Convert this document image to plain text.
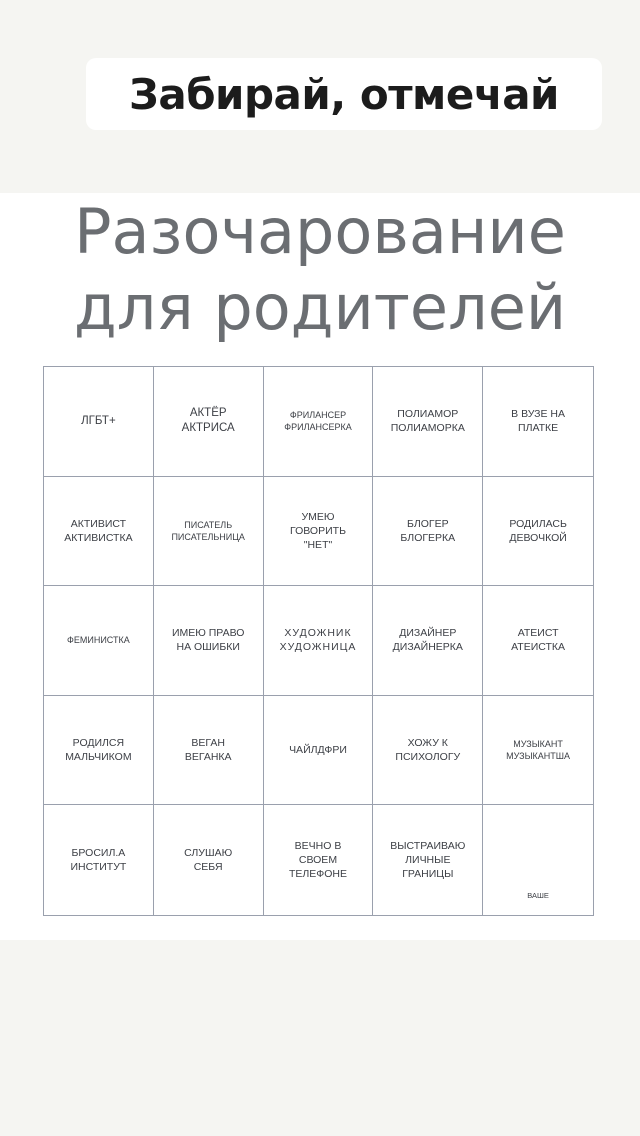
Забирай, отмечай
Разочарование
для родителей
ЛГБТ+
АКТЁР
АКТРИСА
ФРИЛАНСЕР
ФРИЛАНСЕРКА
ПОЛИАМОР
ПОЛИАМОРКА
В ВУЗЕ НА
ПЛАТКЕ
АКТИВИСТ
АКТИВИСТКА
ПИСАТЕЛЬ
ПИСАТЕЛЬНИЦА
УМЕЮ
ГОВОРИТЬ
"НЕТ"
БЛОГЕР
БЛОГЕРКА
РОДИЛАСЬ
ДЕВОЧКОЙ
ФЕМИНИСТКА
ИМЕЮ ПРАВО
НА ОШИБКИ
ХУДОЖНИК
ХУДОЖНИЦА
ДИЗАЙНЕР
ДИЗАЙНЕРКА
АТЕИСТ
АТЕИСТКА
РОДИЛСЯ
МАЛЬЧИКОМ
ВЕГАН
ВЕГАНКА
ЧАЙЛДФРИ
ХОЖУ К
ПСИХОЛОГУ
МУЗЫКАНТ
МУЗЫКАНТША
БРОСИЛ.А
ИНСТИТУТ
СЛУШАЮ
СЕБЯ
ВЕЧНО В
СВОЕМ
ТЕЛЕФОНЕ
ВЫСТРАИВАЮ
ЛИЧНЫЕ
ГРАНИЦЫ
ВАШЕ
